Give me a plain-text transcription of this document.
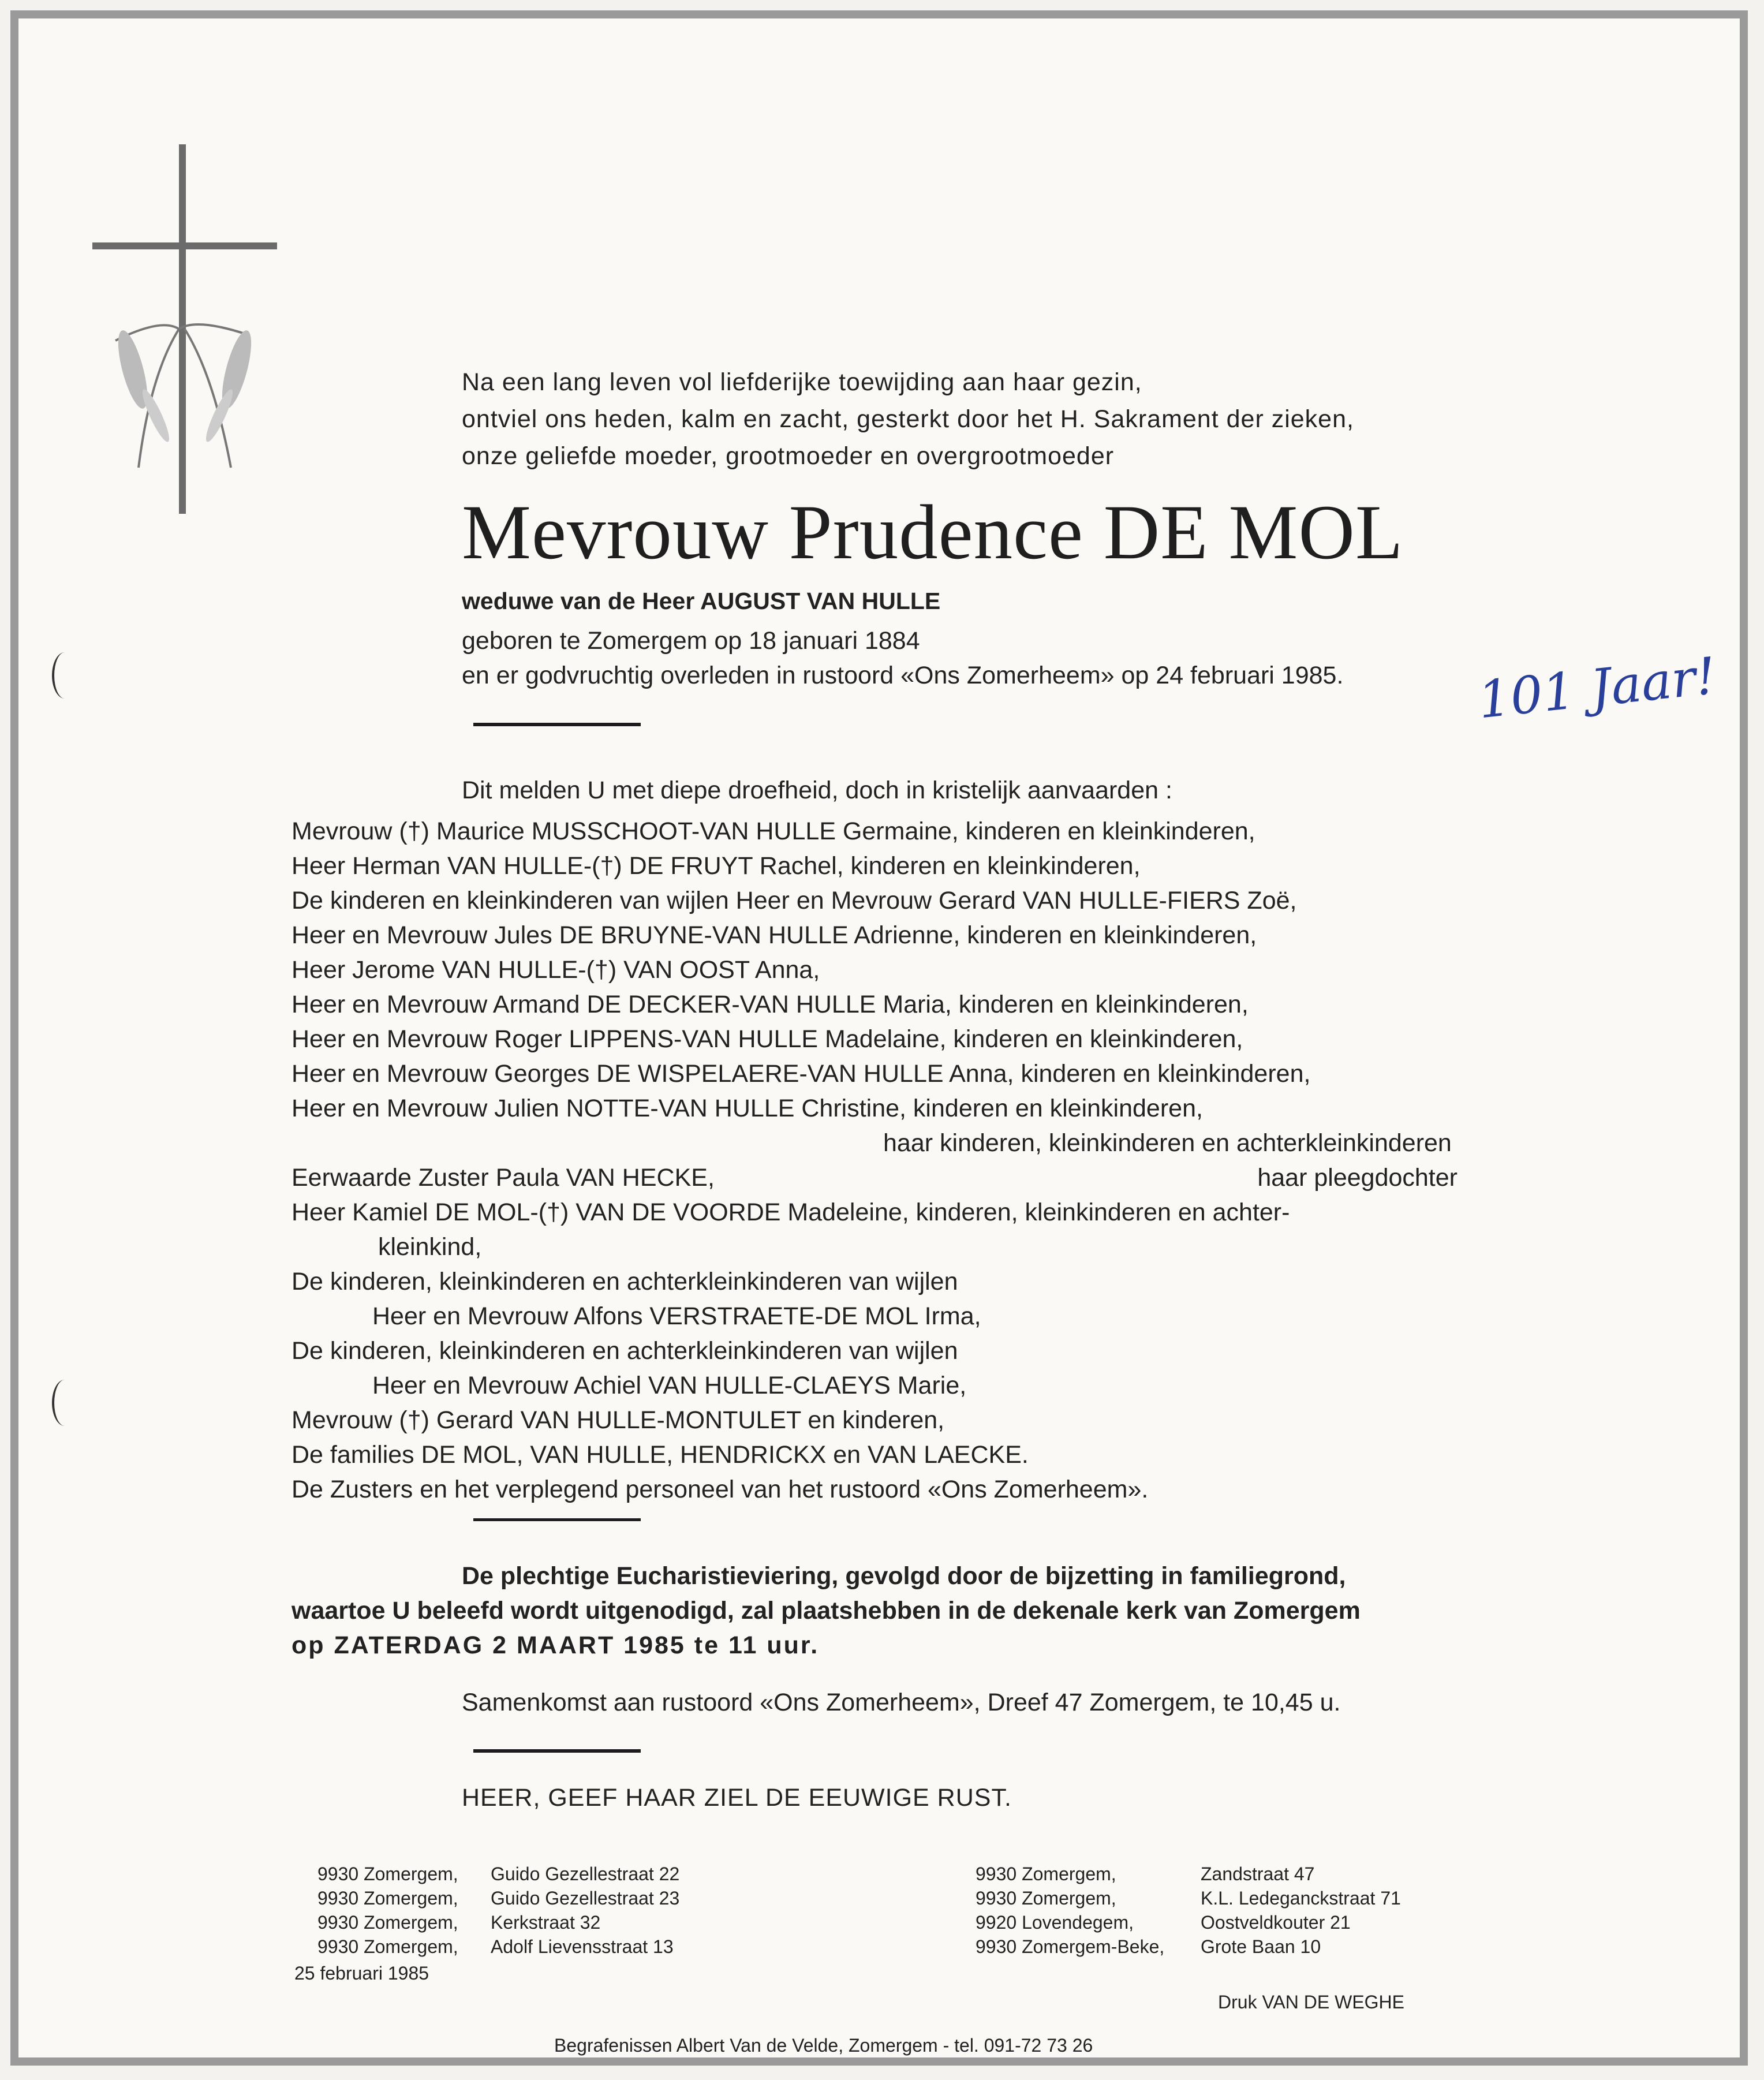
Na een lang leven vol liefderijke toewijding aan haar gezin,
ontviel ons heden, kalm en zacht, gesterkt door het H. Sakrament der zieken,
onze geliefde moeder, grootmoeder en overgrootmoeder
Mevrouw Prudence DE MOL
weduwe van de Heer AUGUST VAN HULLE
geboren te Zomergem op 18 januari 1884
en er godvruchtig overleden in rustoord «Ons Zomerheem» op 24 februari 1985.	101 Jaar!
Dit melden U met diepe droefheid, doch in kristelijk aanvaarden :
Mevrouw (†) Maurice MUSSCHOOT-VAN HULLE Germaine, kinderen en kleinkinderen,
Heer Herman VAN HULLE-(†) DE FRUYT Rachel, kinderen en kleinkinderen,
De kinderen en kleinkinderen van wijlen Heer en Mevrouw Gerard VAN HULLE-FIERS Zoë,
Heer en Mevrouw Jules DE BRUYNE-VAN HULLE Adrienne, kinderen en kleinkinderen,
Heer Jerome VAN HULLE-(†) VAN OOST Anna,
Heer en Mevrouw Armand DE DECKER-VAN HULLE Maria, kinderen en kleinkinderen,
Heer en Mevrouw Roger LIPPENS-VAN HULLE Madelaine, kinderen en kleinkinderen,
Heer en Mevrouw Georges DE WISPELAERE-VAN HULLE Anna, kinderen en kleinkinderen,
Heer en Mevrouw Julien NOTTE-VAN HULLE Christine, kinderen en kleinkinderen,
haar kinderen, kleinkinderen en achterkleinkinderen
Eerwaarde Zuster Paula VAN HECKE,	haar pleegdochter
Heer Kamiel DE MOL-(†) VAN DE VOORDE Madeleine, kinderen, kleinkinderen en achter-
kleinkind,
De kinderen, kleinkinderen en achterkleinkinderen van wijlen
Heer en Mevrouw Alfons VERSTRAETE-DE MOL Irma,
De kinderen, kleinkinderen en achterkleinkinderen van wijlen
Heer en Mevrouw Achiel VAN HULLE-CLAEYS Marie,
Mevrouw (†) Gerard VAN HULLE-MONTULET en kinderen,
De families DE MOL, VAN HULLE, HENDRICKX en VAN LAECKE.
De Zusters en het verplegend personeel van het rustoord «Ons Zomerheem».
De plechtige Eucharistieviering, gevolgd door de bijzetting in familiegrond,
waartoe U beleefd wordt uitgenodigd, zal plaatshebben in de dekenale kerk van Zomergem
op ZATERDAG 2 MAART 1985 te 11 uur.
Samenkomst aan rustoord «Ons Zomerheem», Dreef 47 Zomergem, te 10,45 u.
HEER, GEEF HAAR ZIEL DE EEUWIGE RUST.
9930 Zomergem, Guido Gezellestraat 22
9930 Zomergem, Guido Gezellestraat 23
9930 Zomergem, Kerkstraat 32
9930 Zomergem, Adolf Lievensstraat 13
9930 Zomergem,	Zandstraat 47
9930 Zomergem,	K.L. Ledeganckstraat 71
9920 Lovendegem,	Oostveldkouter 21
9930 Zomergem-Beke, Grote Baan 10
25 februari 1985
Druk VAN DE WEGHE
Begrafenissen Albert Van de Velde, Zomergem - tel. 091-72 73 26
